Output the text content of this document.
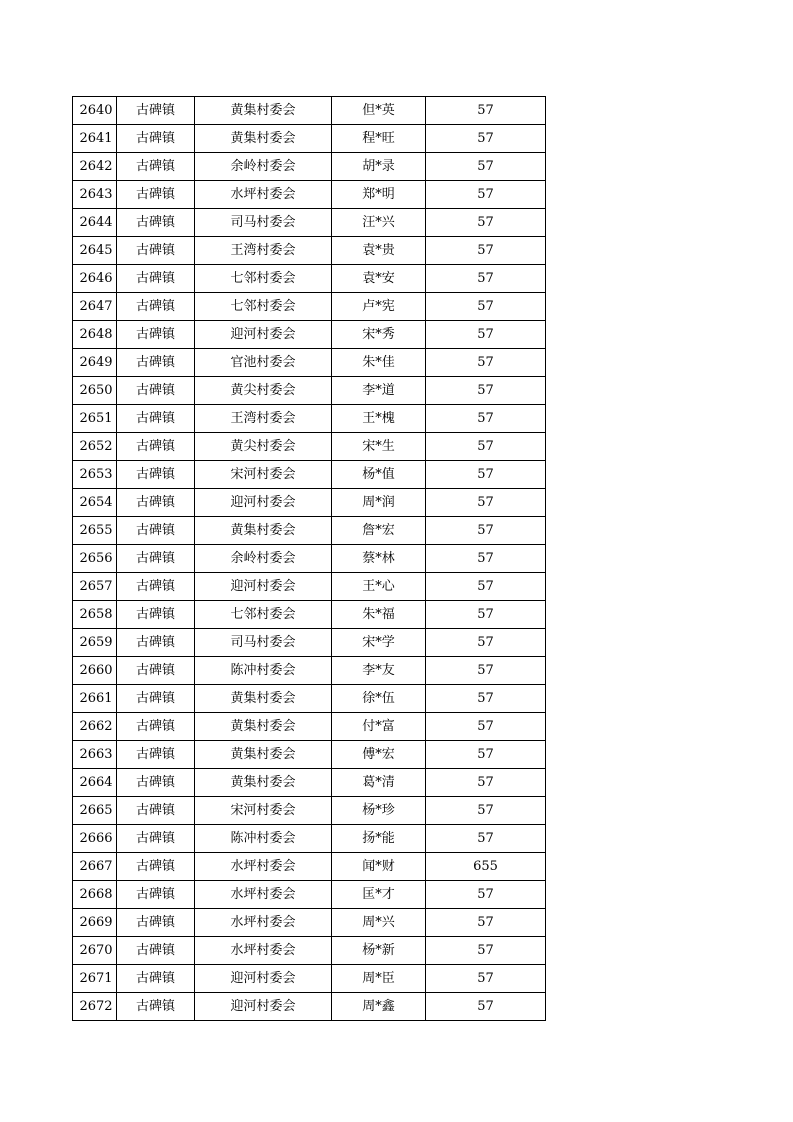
2640	古碑镇	黄集村委会	但*英	57
2641	古碑镇	黄集村委会	程*旺	57
2642	古碑镇	余岭村委会	胡*录	57
2643	古碑镇	水坪村委会	郑*明	57
2644	古碑镇	司马村委会	汪*兴	57
2645	古碑镇	王湾村委会	袁*贵	57
2646	古碑镇	七邻村委会	袁*安	57
2647	古碑镇	七邻村委会	卢*宪	57
2648	古碑镇	迎河村委会	宋*秀	57
2649	古碑镇	官池村委会	朱*佳	57
2650	古碑镇	黄尖村委会	李*道	57
2651	古碑镇	王湾村委会	王*槐	57
2652	古碑镇	黄尖村委会	宋*生	57
2653	古碑镇	宋河村委会	杨*值	57
2654	古碑镇	迎河村委会	周*润	57
2655	古碑镇	黄集村委会	詹*宏	57
2656	古碑镇	余岭村委会	蔡*林	57
2657	古碑镇	迎河村委会	王*心	57
2658	古碑镇	七邻村委会	朱*福	57
2659	古碑镇	司马村委会	宋*学	57
2660	古碑镇	陈冲村委会	李*友	57
2661	古碑镇	黄集村委会	徐*伍	57
2662	古碑镇	黄集村委会	付*富	57
2663	古碑镇	黄集村委会	傅*宏	57
2664	古碑镇	黄集村委会	葛*清	57
2665	古碑镇	宋河村委会	杨*珍	57
2666	古碑镇	陈冲村委会	扬*能	57
2667	古碑镇	水坪村委会	闻*财	655
2668	古碑镇	水坪村委会	匡*才	57
2669	古碑镇	水坪村委会	周*兴	57
2670	古碑镇	水坪村委会	杨*新	57
2671	古碑镇	迎河村委会	周*臣	57
2672	古碑镇	迎河村委会	周*鑫	57
